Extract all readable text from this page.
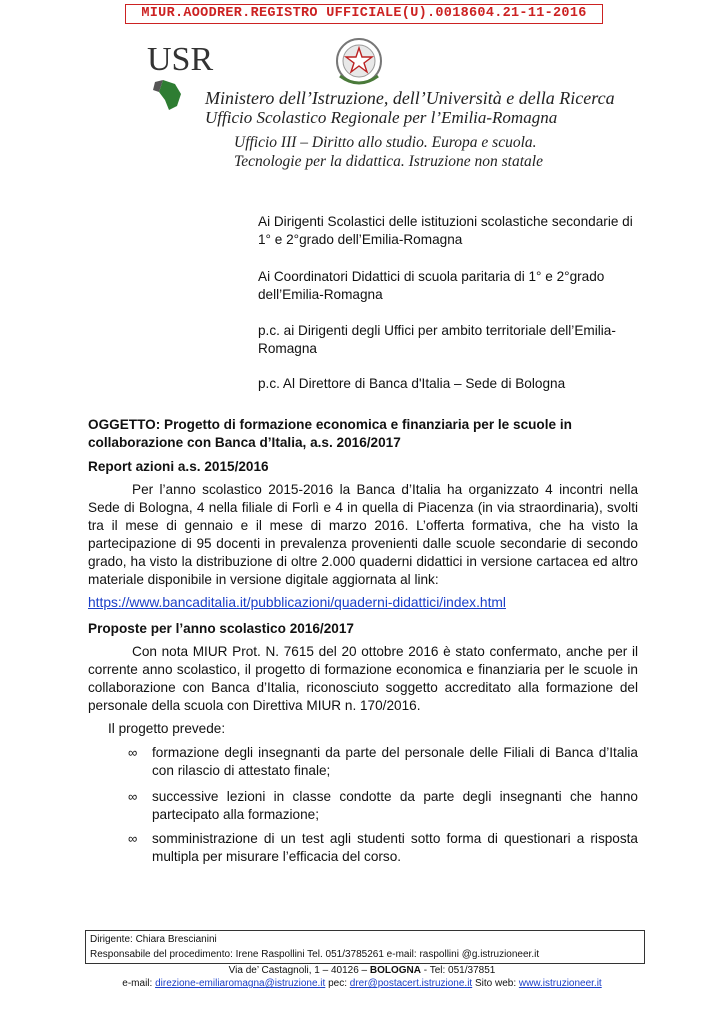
MIUR.AOODRER.REGISTRO UFFICIALE(U).0018604.21-11-2016
USR
Ministero dell’Istruzione, dell’Università e della Ricerca
Ufficio Scolastico Regionale per l’Emilia-Romagna
Ufficio III – Diritto allo studio. Europa e scuola.
Tecnologie per la didattica. Istruzione non statale
Ai Dirigenti Scolastici delle istituzioni scolastiche secondarie di 1° e 2°grado dell’Emilia-Romagna
Ai Coordinatori Didattici di scuola paritaria di 1° e 2°grado dell’Emilia-Romagna
p.c. ai Dirigenti degli Uffici per ambito territoriale dell’Emilia-Romagna
p.c. Al Direttore di Banca d'Italia – Sede di Bologna
OGGETTO: Progetto di formazione economica e finanziaria per le scuole in collaborazione con Banca d’Italia, a.s. 2016/2017
Report azioni a.s. 2015/2016
Per l’anno scolastico 2015-2016 la Banca d’Italia ha organizzato 4 incontri nella Sede di Bologna, 4 nella filiale di Forlì e 4 in quella di Piacenza (in via straordinaria), svolti tra il mese di gennaio e il mese di marzo 2016. L’offerta formativa, che ha visto la partecipazione di 95 docenti in prevalenza provenienti dalle scuole secondarie di secondo grado, ha visto la distribuzione di oltre 2.000 quaderni didattici in versione cartacea ed altro materiale disponibile in versione digitale aggiornata al link:
https://www.bancaditalia.it/pubblicazioni/quaderni-didattici/index.html
Proposte per l’anno scolastico 2016/2017
Con nota MIUR Prot. N. 7615 del 20 ottobre 2016 è stato confermato, anche per il corrente anno scolastico, il progetto di formazione economica e finanziaria per le scuole in collaborazione con Banca d’Italia, riconosciuto soggetto accreditato alla formazione del personale della scuola con Direttiva MIUR n. 170/2016.
Il progetto prevede:
∞ formazione degli insegnanti da parte del personale delle Filiali di Banca d’Italia con rilascio di attestato finale;
∞ successive lezioni in classe condotte da parte degli insegnanti che hanno partecipato alla formazione;
∞ somministrazione di un test agli studenti sotto forma di questionari a risposta multipla per misurare l’efficacia del corso.
Dirigente: Chiara Brescianini
Responsabile del procedimento: Irene Raspollini Tel. 051/3785261 e-mail: raspollini @g.istruzioneer.it
Via de’ Castagnoli, 1 – 40126 – BOLOGNA - Tel: 051/37851
e-mail: direzione-emiliaromagna@istruzione.it pec: drer@postacert.istruzione.it Sito web: www.istruzioneer.it
